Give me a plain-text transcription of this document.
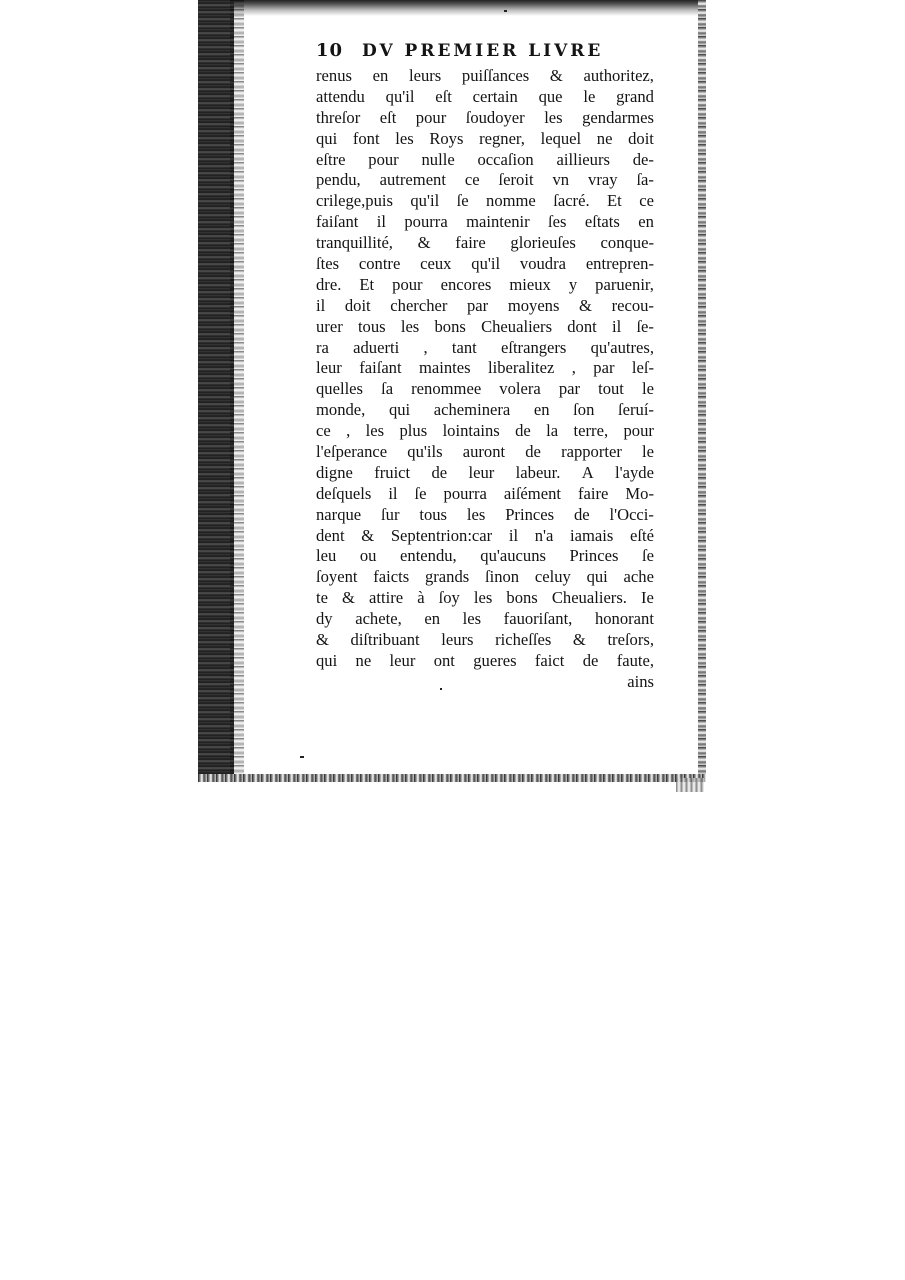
10	DV PREMIER LIVRE
renus en leurs puiſſances & authoritez,
attendu qu'il eſt certain que le grand
threſor eſt pour ſoudoyer les gendarmes
qui font les Roys regner, lequel ne doit
eſtre pour nulle occaſion aillieurs de-
pendu, autrement ce ſeroit vn vray ſa-
crilege,puis qu'il ſe nomme ſacré. Et ce
faiſant il pourra maintenir ſes eſtats en
tranquillité, & faire glorieuſes conque-
ſtes contre ceux qu'il voudra entrepren-
dre. Et pour encores mieux y paruenir,
il doit chercher par moyens & recou-
urer tous les bons Cheualiers dont il ſe-
ra aduerti , tant eſtrangers qu'autres,
leur faiſant maintes liberalitez , par leſ-
quelles ſa renommee volera par tout le
monde, qui acheminera en ſon ſeruí-
ce , les plus lointains de la terre, pour
l'eſperance qu'ils auront de rapporter le
digne fruict de leur labeur. A l'ayde
deſquels il ſe pourra aiſément faire Mo-
narque ſur tous les Princes de l'Occi-
dent & Septentrion:car il n'a iamais eſté
leu ou entendu, qu'aucuns Princes ſe
ſoyent faicts grands ſinon celuy qui ache
te & attire à ſoy les bons Cheualiers. Ie
dy achete, en les fauoriſant, honorant
& diſtribuant leurs richeſſes & treſors,
qui ne leur ont gueres faict de faute,
ains
